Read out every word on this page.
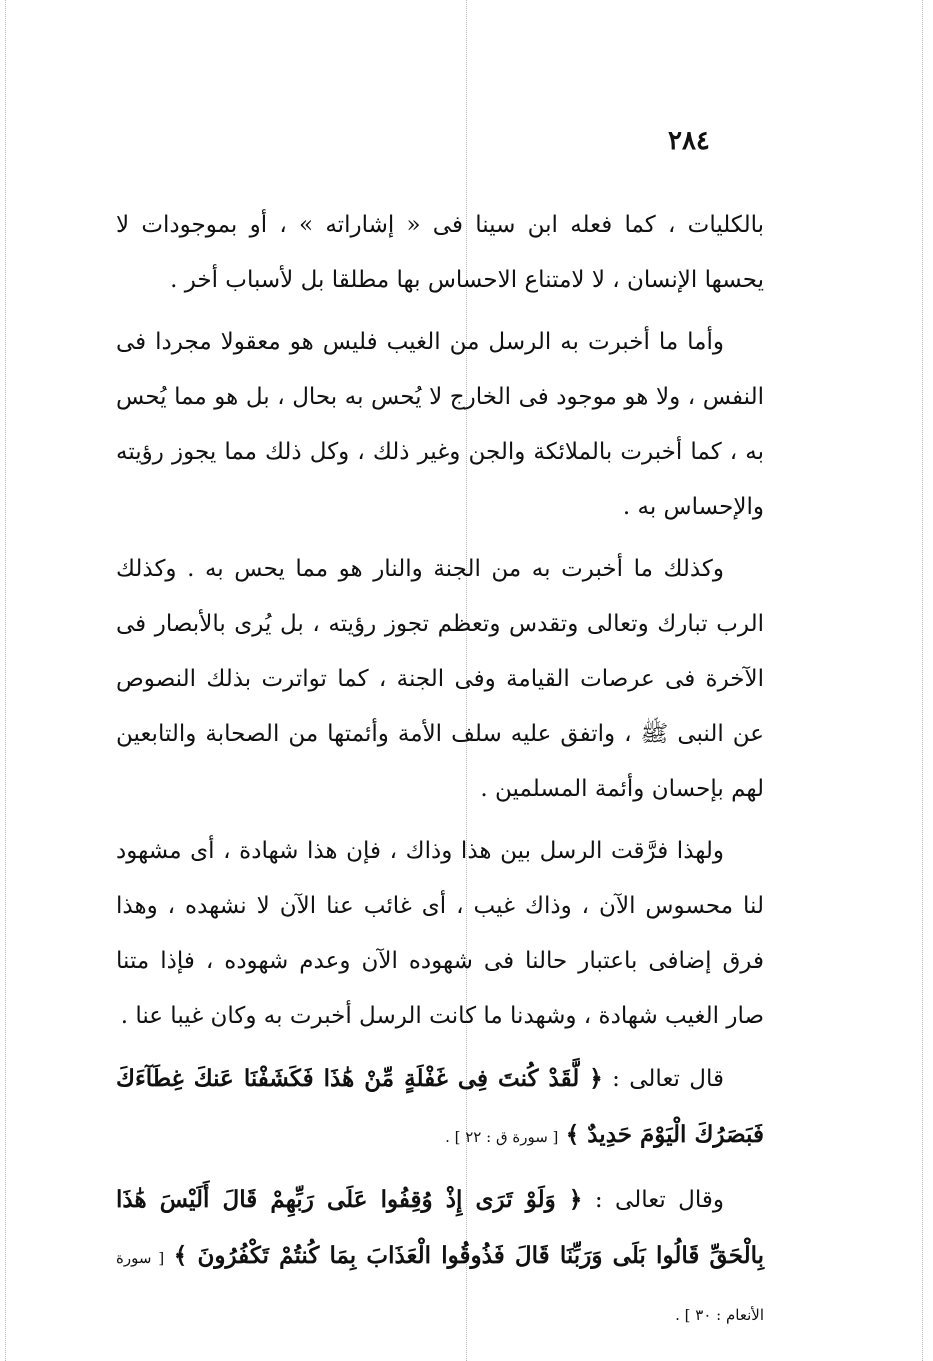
٢٨٤

بالكليات ، كما فعله ابن سينا فى « إشاراته » ، أو بموجودات لا يحسها الإنسان ، لا لامتناع الاحساس بها مطلقا بل لأسباب أخر .

وأما ما أخبرت به الرسل من الغيب فليس هو معقولا مجردا فى النفس ، ولا هو موجود فى الخارج لا يُحس به بحال ، بل هو مما يُحس به ، كما أخبرت بالملائكة والجن وغير ذلك ، وكل ذلك مما يجوز رؤيته والإحساس به .

وكذلك ما أخبرت به من الجنة والنار هو مما يحس به . وكذلك الرب تبارك وتعالى وتقدس وتعظم تجوز رؤيته ، بل يُرى بالأبصار فى الآخرة فى عرصات القيامة وفى الجنة ، كما تواترت بذلك النصوص عن النبى ﷺ ، واتفق عليه سلف الأمة وأئمتها من الصحابة والتابعين لهم بإحسان وأئمة المسلمين .

ولهذا فرَّقت الرسل بين هذا وذاك ، فإن هذا شهادة ، أى مشهود لنا محسوس الآن ، وذاك غيب ، أى غائب عنا الآن لا نشهده ، وهذا فرق إضافى باعتبار حالنا فى شهوده الآن وعدم شهوده ، فإذا متنا صار الغيب شهادة ، وشهدنا ما كانت الرسل أخبرت به وكان غيبا عنا .

قال تعالى : ﴿ لَّقَدْ كُنتَ فِى غَفْلَةٍ مِّنْ هَٰذَا فَكَشَفْنَا عَنكَ غِطَآءَكَ فَبَصَرُكَ الْيَوْمَ حَدِيدٌ ﴾ [ سورة ق : ٢٢ ] .

وقال تعالى : ﴿ وَلَوْ تَرَى إِذْ وُقِفُوا عَلَى رَبِّهِمْ قَالَ أَلَيْسَ هَٰذَا بِالْحَقِّ قَالُوا بَلَى وَرَبِّنَا قَالَ فَذُوقُوا الْعَذَابَ بِمَا كُنتُمْ تَكْفُرُونَ ﴾ [ سورة الأنعام : ٣٠ ] .
